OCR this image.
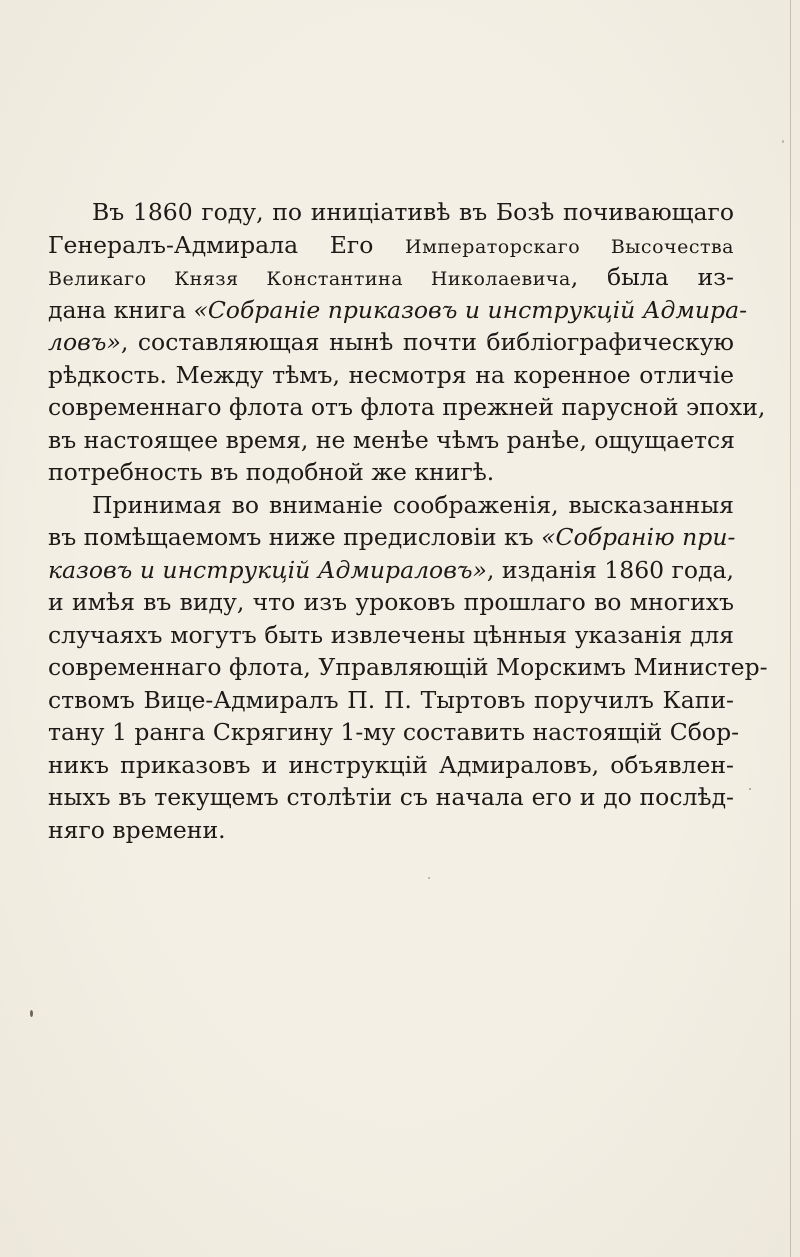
Въ 1860 году, по иниціативѣ въ Бозѣ почивающаго
Генералъ-Адмирала Его Императорскаго Высочества
Великаго Князя Константина Николаевича, была из-
дана книга «Собраніе приказовъ и инструкцій Адмира-
ловъ», составляющая нынѣ почти библіографическую
рѣдкость. Между тѣмъ, несмотря на коренное отличіе
современнаго флота отъ флота прежней парусной эпохи,
въ настоящее время, не менѣе чѣмъ ранѣе, ощущается
потребность въ подобной же книгѣ.
Принимая во вниманіе соображенія, высказанныя
въ помѣщаемомъ ниже предисловіи къ «Собранію при-
казовъ и инструкцій Адмираловъ», изданія 1860 года,
и имѣя въ виду, что изъ уроковъ прошлаго во многихъ
случаяхъ могутъ быть извлечены цѣнныя указанія для
современнаго флота, Управляющій Морскимъ Министер-
ствомъ Вице-Адмиралъ П. П. Тыртовъ поручилъ Капи-
тану 1 ранга Скрягину 1-му составить настоящій Сбор-
никъ приказовъ и инструкцій Адмираловъ, объявлен-
ныхъ въ текущемъ столѣтіи съ начала его и до послѣд-
няго времени.
